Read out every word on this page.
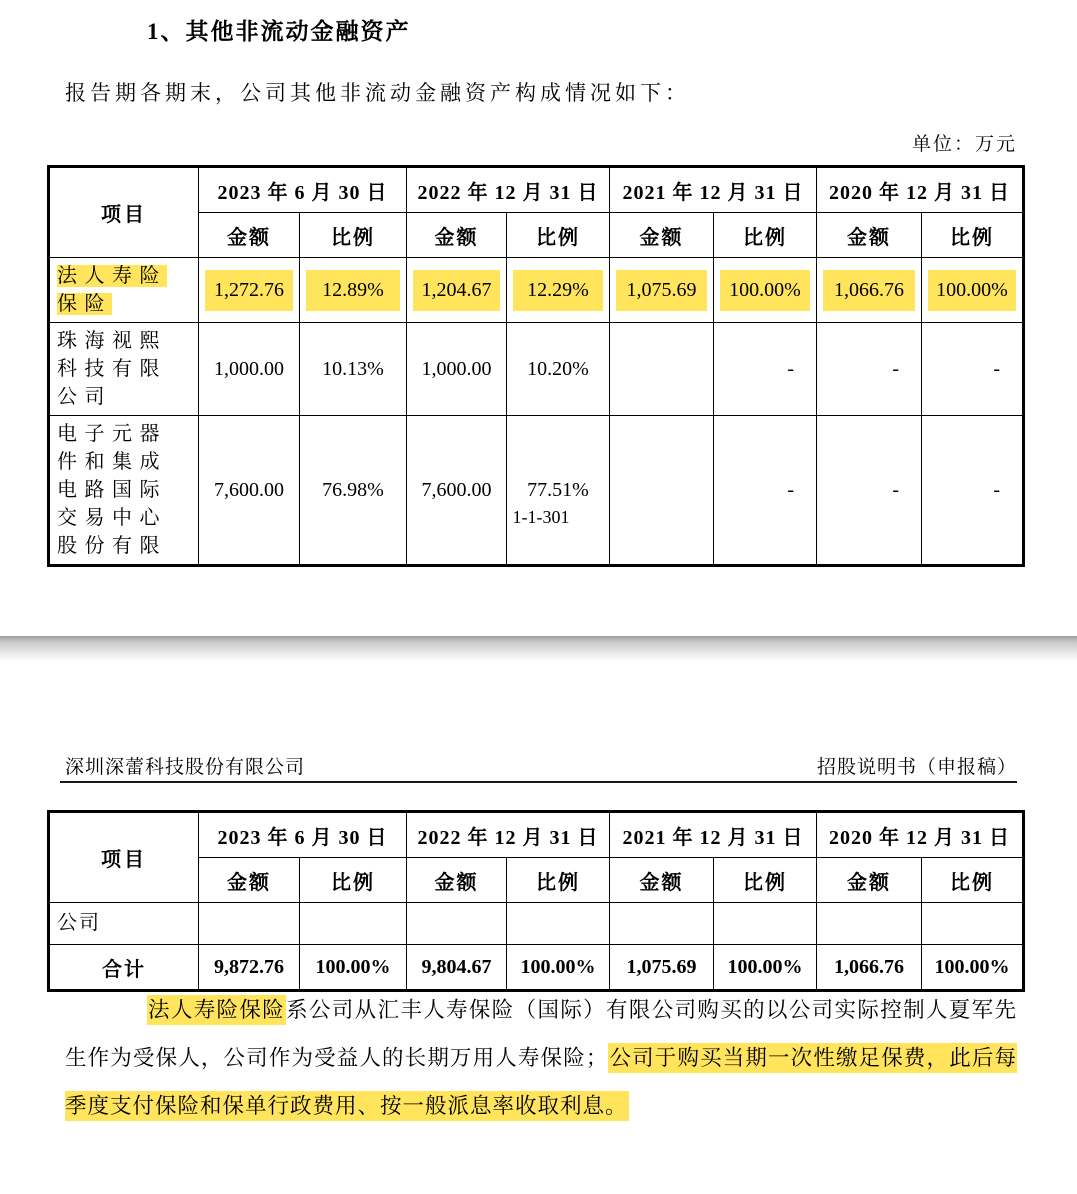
1、其他非流动金融资产
报告期各期末，公司其他非流动金融资产构成情况如下：
单位：万元
项目	2023 年 6 月 30 日		2022 年 12 月 31 日		2021 年 12 月 31 日		2020 年 12 月 31 日	
	金额	比例	金额	比例	金额	比例	金额	比例
法人寿险保险	1,272.76	12.89%	1,204.67	12.29%	1,075.69	100.00%	1,066.76	100.00%

珠海视熙科技有限公司	1,000.00	10.13%	1,000.00	10.20%		-	-	-
电子元器件和集成电路国际交易中心股份有限	7,600.00	76.98%	7,600.00	77.51%		-	-	-
1-1-301
深圳深蕾科技股份有限公司	招股说明书（申报稿）
项目	2023 年 6 月 30 日		2022 年 12 月 31 日		2021 年 12 月 31 日		2020 年 12 月 31 日	
	金额	比例	金额	比例	金额	比例	金额	比例
公司								
合计	9,872.76	100.00%	9,804.67	100.00%	1,075.69	100.00%	1,066.76	100.00%
法人寿险保险系公司从汇丰人寿保险（国际）有限公司购买的以公司实际控制人夏军先生作为受保人，公司作为受益人的长期万用人寿保险；公司于购买当期一次性缴足保费，此后每季度支付保险和保单行政费用、按一般派息率收取利息。
